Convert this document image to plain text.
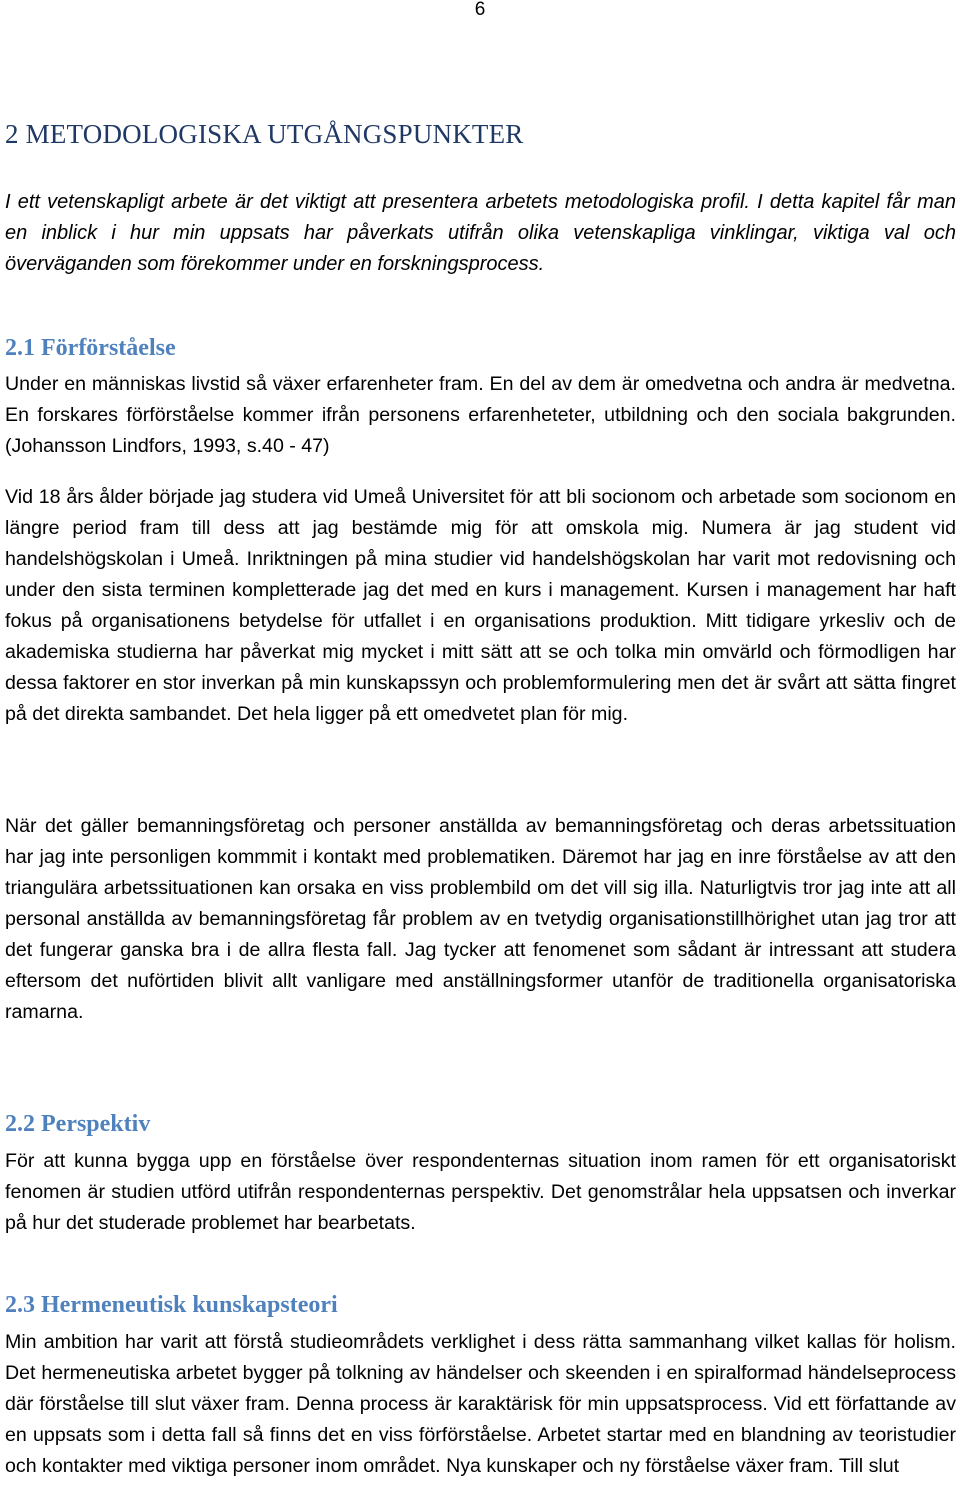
6
2 METODOLOGISKA UTGÅNGSPUNKTER
I ett vetenskapligt arbete är det viktigt att presentera arbetets metodologiska profil. I detta kapitel får man en inblick i hur min uppsats har påverkats utifrån olika vetenskapliga vinklingar, viktiga val och överväganden som förekommer under en forskningsprocess.
2.1 Förförståelse

Under en människas livstid så växer erfarenheter fram. En del av dem är omedvetna och andra är medvetna. En forskares förförståelse kommer ifrån personens erfarenheteter, utbildning och den sociala bakgrunden. (Johansson Lindfors, 1993, s.40 - 47)

Vid 18 års ålder började jag studera vid Umeå Universitet för att bli socionom och arbetade som socionom en längre period fram till dess att jag bestämde mig för att omskola mig. Numera är jag student vid handelshögskolan i Umeå. Inriktningen på mina studier vid handelshögskolan har varit mot redovisning och under den sista terminen kompletterade jag det med en kurs i management. Kursen i management har haft fokus på organisationens betydelse för utfallet i en organisations produktion. Mitt tidigare yrkesliv och de akademiska studierna har påverkat mig mycket i mitt sätt att se och tolka min omvärld och förmodligen har dessa faktorer en stor inverkan på min kunskapssyn och problemformulering men det är svårt att sätta fingret på det direkta sambandet. Det hela ligger på ett omedvetet plan för mig.

När det gäller bemanningsföretag och personer anställda av bemanningsföretag och deras arbetssituation har jag inte personligen kommmit i kontakt med problematiken. Däremot har jag en inre förståelse av att den triangulära arbetssituationen kan orsaka en viss problembild om det vill sig illa. Naturligtvis tror jag inte att all personal anställda av bemanningsföretag får problem av en tvetydig organisationstillhörighet utan jag tror att det fungerar ganska bra i de allra flesta fall. Jag tycker att fenomenet som sådant är intressant att studera eftersom det nuförtiden blivit allt vanligare med anställningsformer utanför de traditionella organisatoriska ramarna.

2.2 Perspektiv

För att kunna bygga upp en förståelse över respondenternas situation inom ramen för ett organisatoriskt fenomen är studien utförd utifrån respondenternas perspektiv. Det genomstrålar hela uppsatsen och inverkar på hur det studerade problemet har bearbetats.

2.3 Hermeneutisk kunskapsteori

Min ambition har varit att förstå studieområdets verklighet i dess rätta sammanhang vilket kallas för holism. Det hermeneutiska arbetet bygger på tolkning av händelser och skeenden i en spiralformad händelseprocess där förståelse till slut växer fram. Denna process är karaktärisk för min uppsatsprocess. Vid ett författande av en uppsats som i detta fall så finns det en viss förförståelse. Arbetet startar med en blandning av teoristudier och kontakter med viktiga personer inom området. Nya kunskaper och ny förståelse växer fram. Till slut
